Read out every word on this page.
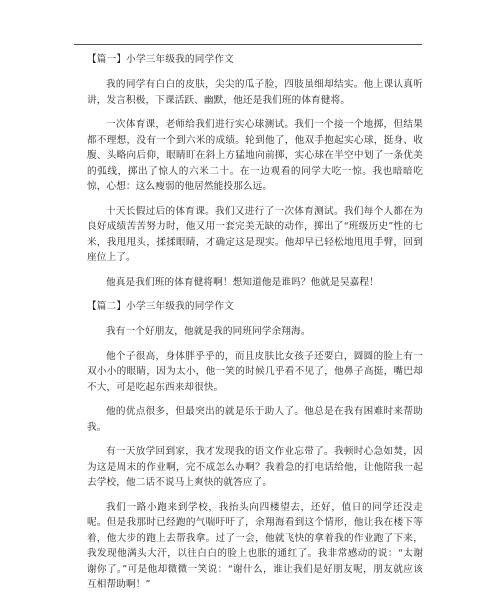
【篇一】小学三年级我的同学作文

我的同学有白白的皮肤，尖尖的瓜子脸，四肢虽细却结实。他上课认真听讲，发言积极，下课活跃、幽默，他还是我们班的体育健将。

一次体育课，老师给我们进行实心球测试。我们一个接一个地掷，但结果都不理想，没有一个到六米的成绩。轮到他了，他双手抱起实心球，挺身、收腹、头略向后仰，眼睛盯在斜上方猛地向前掷，实心球在半空中划了一条优美的弧线，掷出了惊人的六米二十。在一边观看的同学大吃一惊。我也暗暗吃惊，心想：这么瘦弱的他居然能投那么远。

十天长假过后的体育课。我们又进行了一次体育测试。我们每个人都在为良好成绩苦苦努力时，他又用一套完美无缺的动作，掷出了“班级历史”性的七米，我甩甩头，揉揉眼睛，才确定这是现实。他却早已轻松地甩甩手臂，回到座位上了。

他真是我们班的体育健将啊！想知道他是谁吗？他就是吴嘉程！

【篇二】小学三年级我的同学作文

我有一个好朋友，他就是我的同班同学余翔海。

他个子很高，身体胖乎乎的，而且皮肤比女孩子还要白，圆圆的脸上有一双小小的眼睛，因为太小，他一笑的时候几乎看不见了，他鼻子高挺，嘴巴却不大，可是吃起东西来却很快。

他的优点很多，但最突出的就是乐于助人了。他总是在我有困难时来帮助我。

有一天放学回到家，我才发现我的语文作业忘带了。我顿时心急如焚，因为这是周末的作业啊，完不成怎么办啊？我着急的打电话给他，让他陪我一起去学校，他二话不说马上爽快的就答应了。

我们一路小跑来到学校，我抬头向四楼望去，还好，值日的同学还没走呢。但是我那时已经跑的气喘吁吁了，余翔海看到这个情形，他让我在楼下等着，他大步的跑上去帮我拿。过了一会，他就飞快的拿着我的作业跑了下来，我发现他满头大汗，以往白白的脸上也胀的通红了。我非常感动的说：“太谢谢你了。”可是他却微微一笑说：“谢什么，谁让我们是好朋友呢，朋友就应该互相帮助啊！”
